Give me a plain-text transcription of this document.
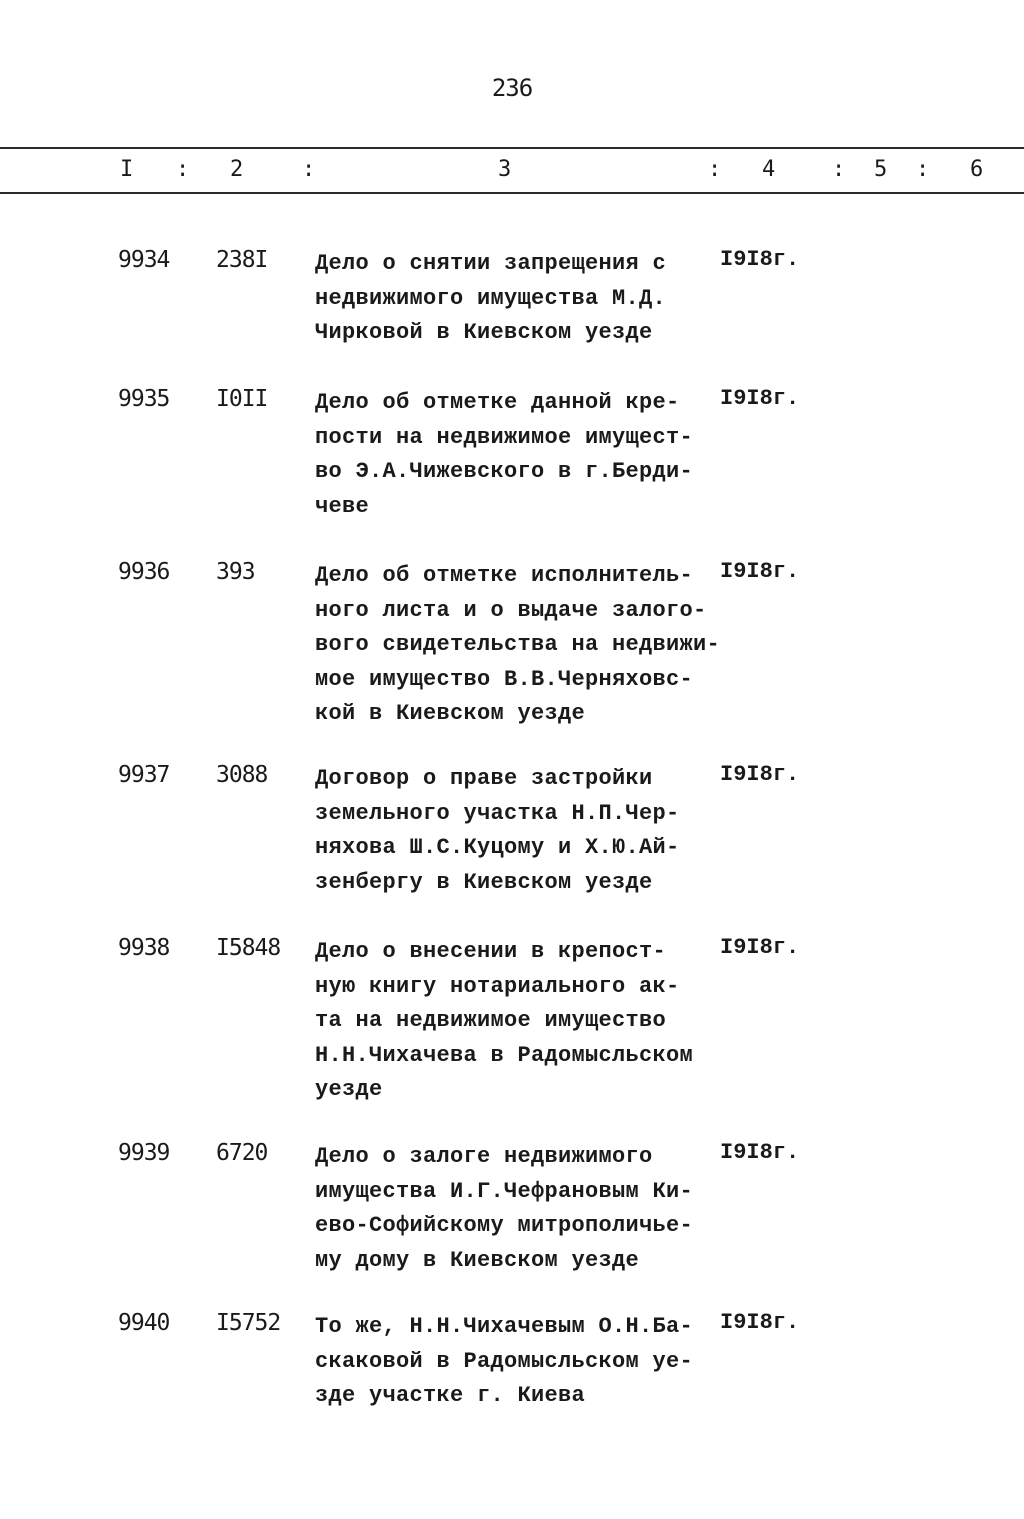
236
I : 2	:	3	: 4	: 5 : 6
9934 238I Дело о снятии запрещения с
недвижимого имущества М.Д.
Чирковой в Киевском уезде
I9I8г.
9935 I0II Дело об отметке данной кре-
пости на недвижимое имущест-
во Э.А.Чижевского в г.Берди-
чеве
I9I8г.
9936 393	Дело об отметке исполнитель-
ного листа и о выдаче залого-
вого свидетельства на недвижи-
мое имущество В.В.Черняховс-
кой в Киевском уезде
I9I8г.
9937 3088 Договор о праве застройки
земельного участка Н.П.Чер-
няхова Ш.С.Куцому и Х.Ю.Ай-
зенбергу в Киевском уезде
I9I8г.
9938 I5848 Дело о внесении в крепост-
ную книгу нотариального ак-
та на недвижимое имущество
Н.Н.Чихачева в Радомысльском
уезде
I9I8г.
9939 6720 Дело о залоге недвижимого
имущества И.Г.Чефрановым Ки-
ево-Софийскому митрополичье-
му дому в Киевском уезде
I9I8г.
9940 I5752 То же, Н.Н.Чихачевым О.Н.Ба-
скаковой в Радомысльском уе-
зде участке г. Киева
I9I8г.
